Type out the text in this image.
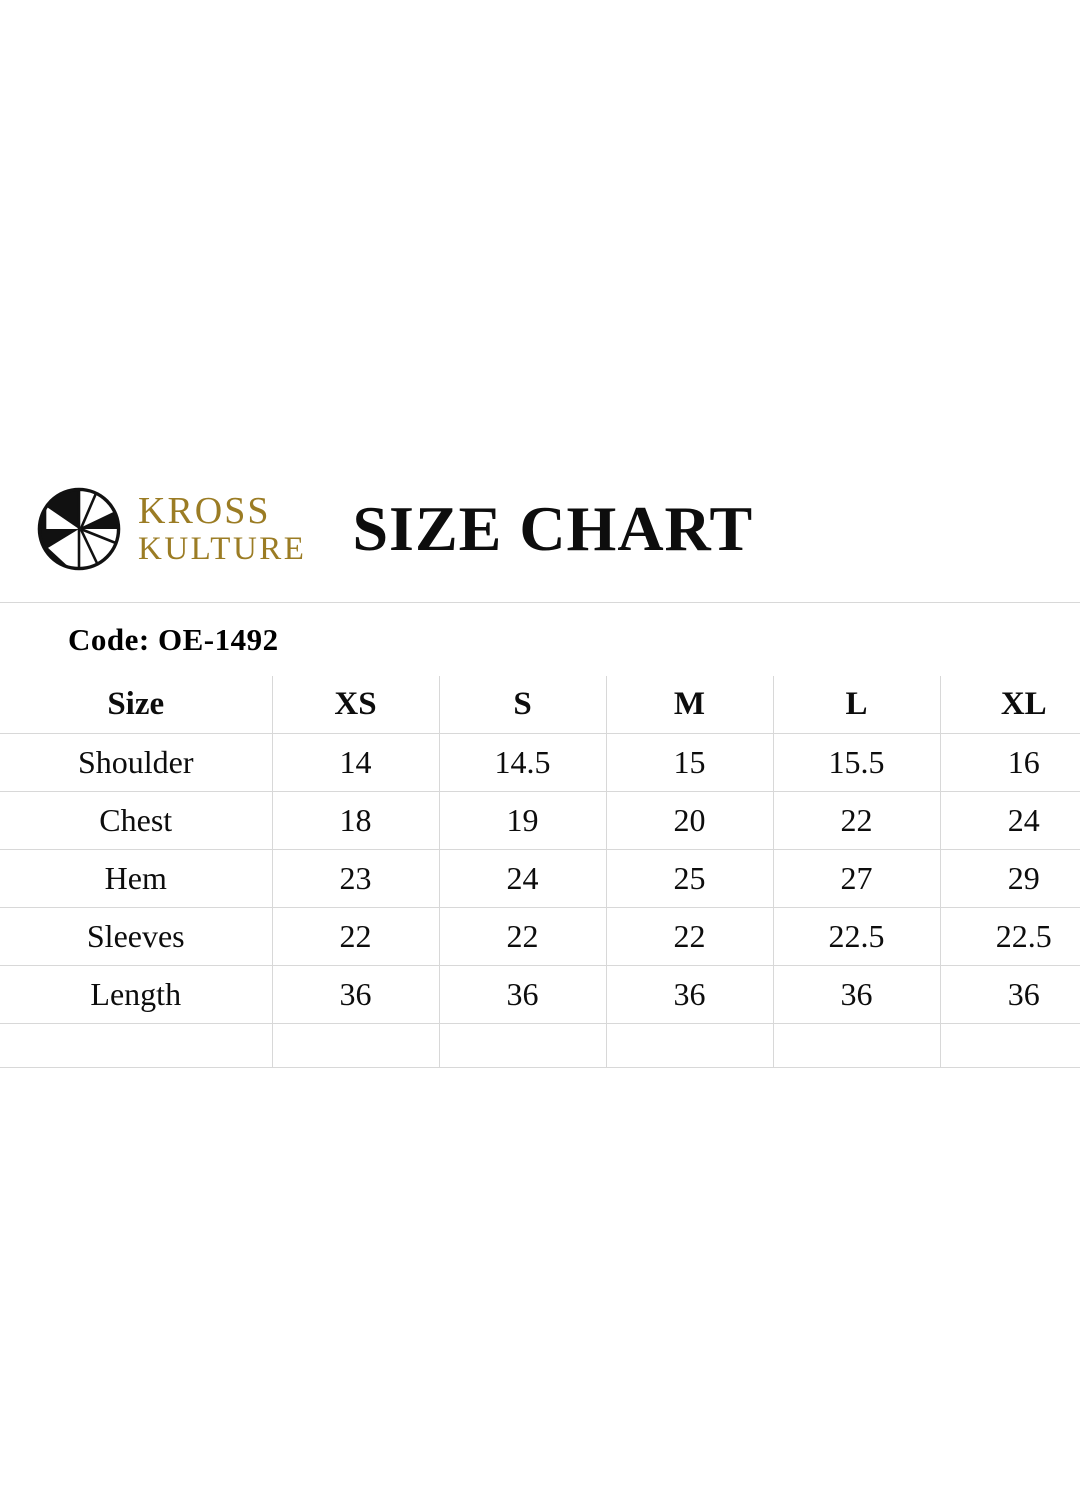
KROSS
KULTURE SIZE CHART
Code: OE-1492
Size	XS	S	M	L	XL
Shoulder	14	14.5	15	15.5	16
Chest	18	19	20	22	24
Hem	23	24	25	27	29
Sleeves	22	22	22	22.5	22.5
Length	36	36	36	36	36
